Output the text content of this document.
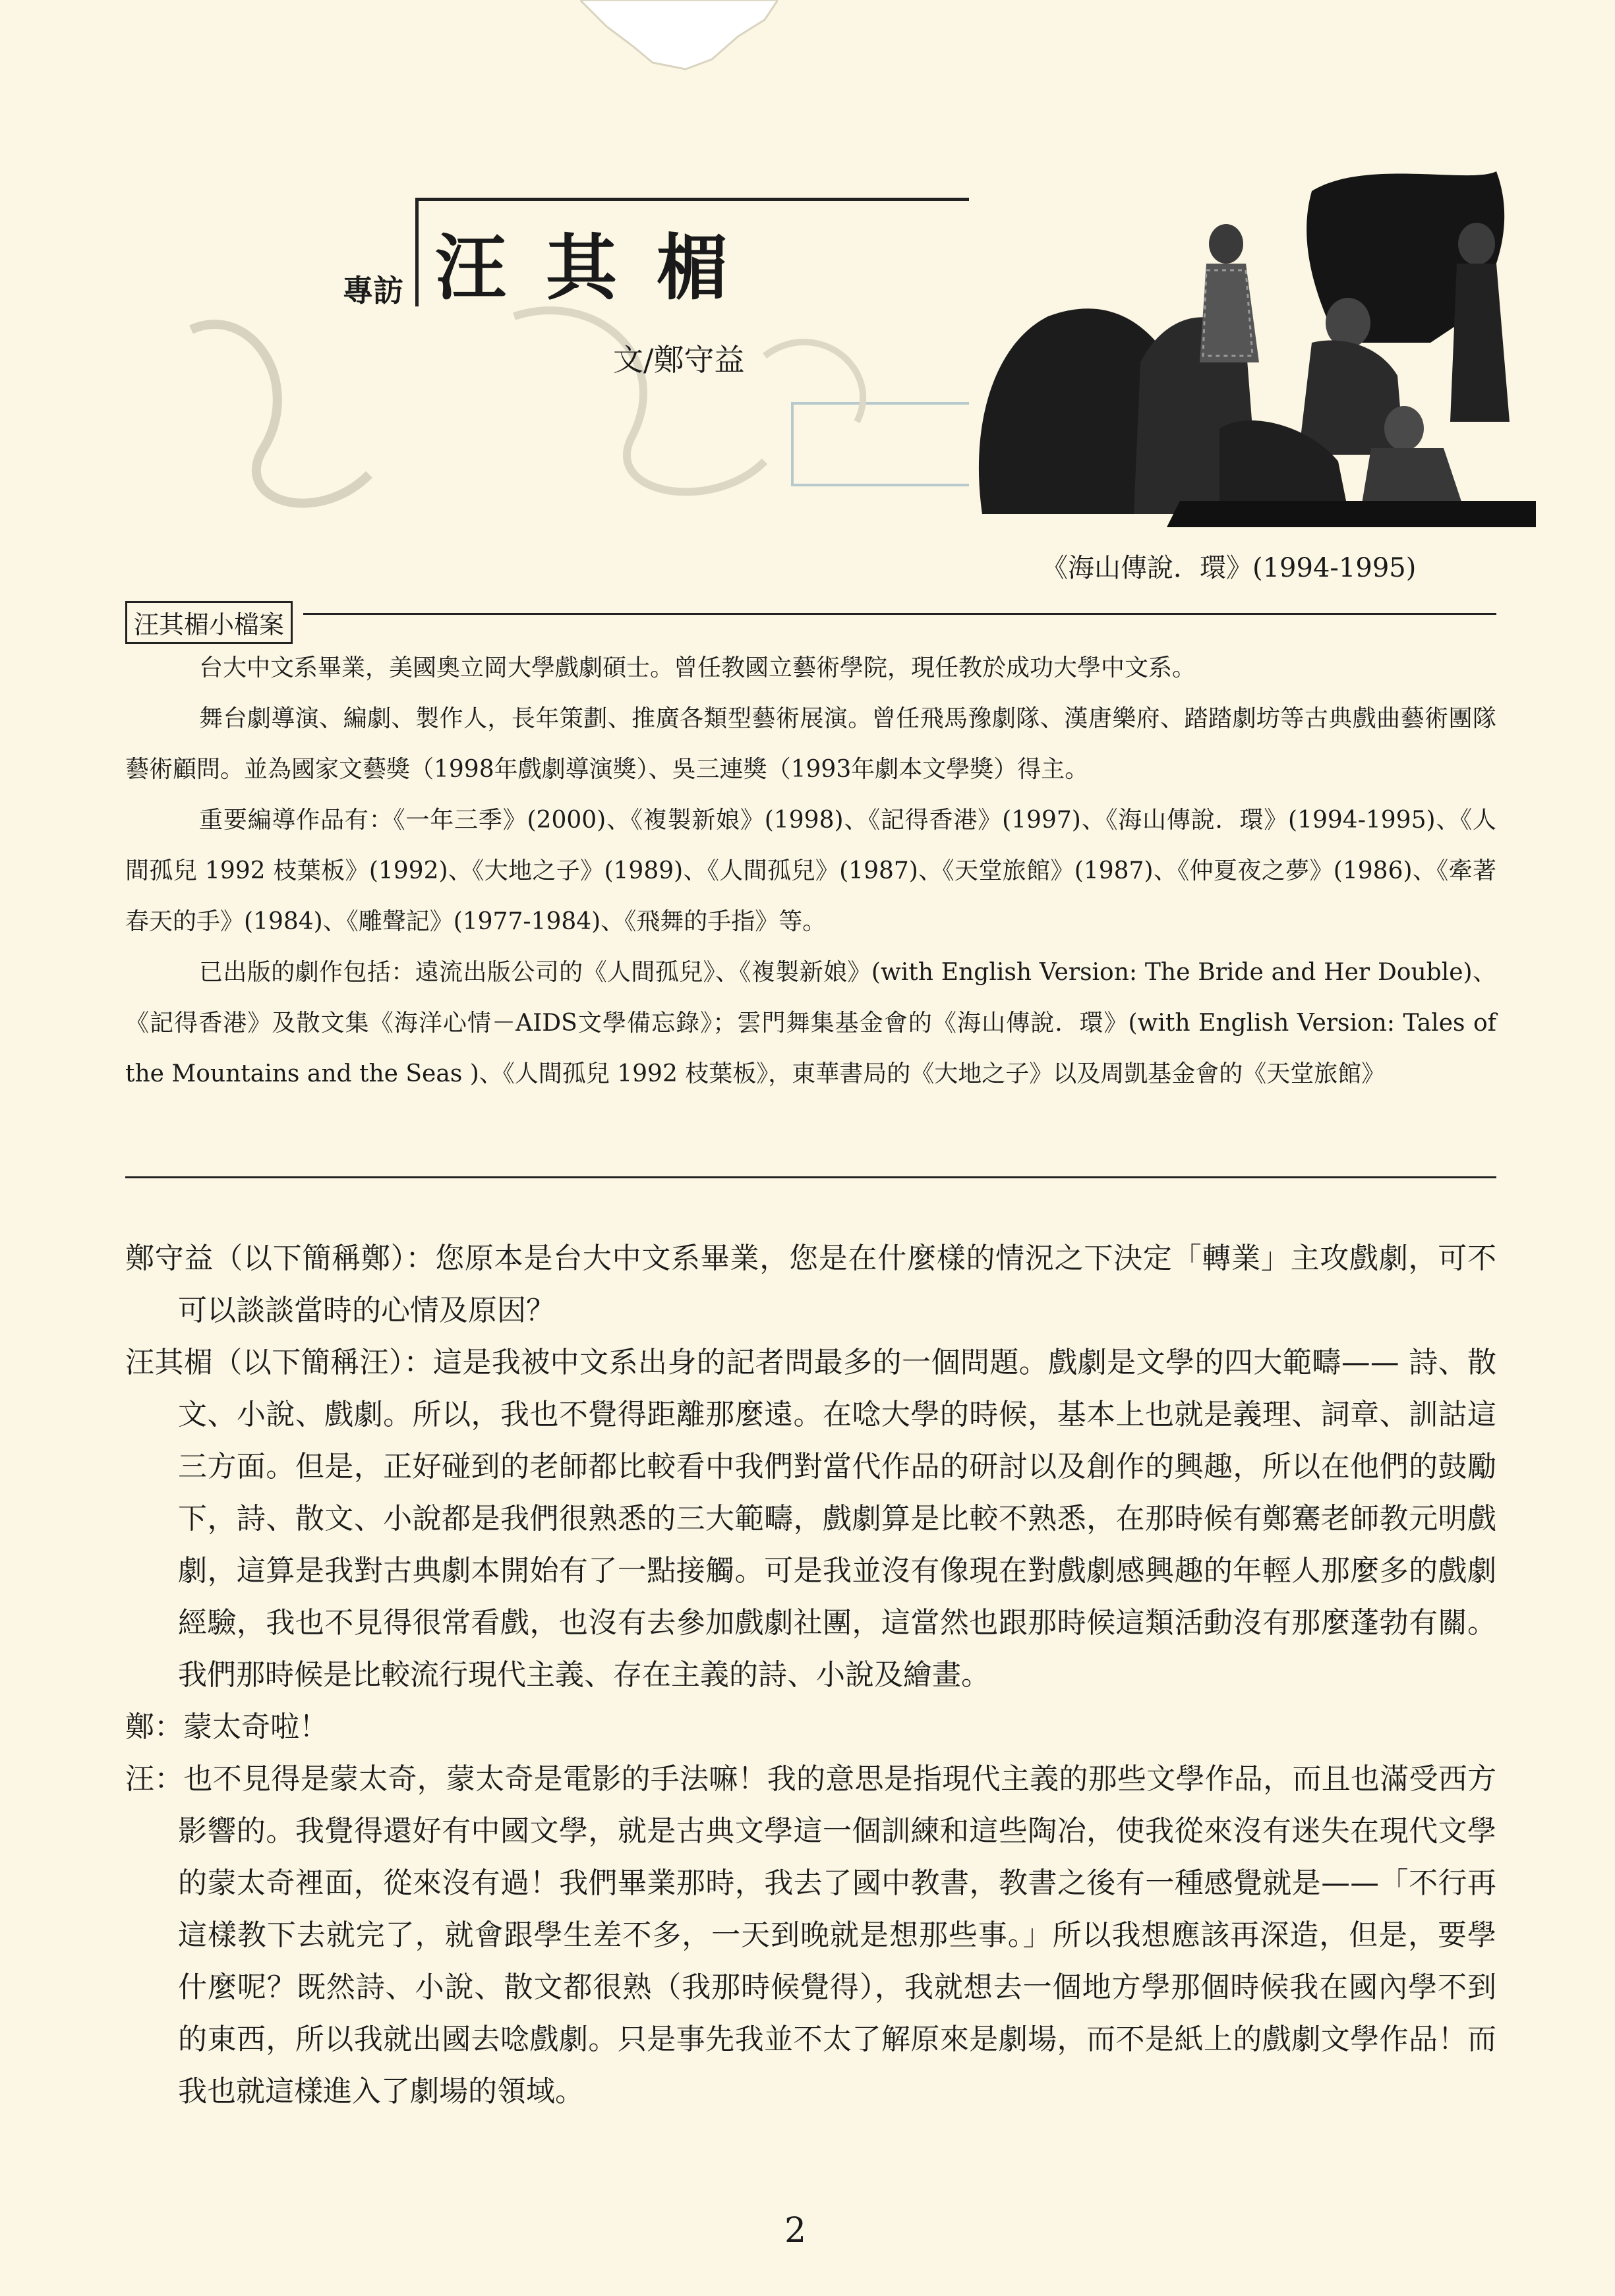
專訪 汪其楣
文/鄭守益
《海山傳說．環》(1994-1995)
汪其楣小檔案

台大中文系畢業，美國奧立岡大學戲劇碩士。曾任教國立藝術學院，現任教於成功大學中文系。

舞台劇導演、編劇、製作人，長年策劃、推廣各類型藝術展演。曾任飛馬豫劇隊、漢唐樂府、踏踏劇坊等古典戲曲藝術團隊藝術顧問。並為國家文藝獎（1998年戲劇導演獎）、吳三連獎（1993年劇本文學獎）得主。

重要編導作品有：《一年三季》(2000)、《複製新娘》(1998)、《記得香港》(1997)、《海山傳說．環》(1994-1995)、《人間孤兒 1992 枝葉板》(1992)、《大地之子》(1989)、《人間孤兒》(1987)、《天堂旅館》(1987)、《仲夏夜之夢》(1986)、《牽著春天的手》(1984)、《雕聲記》(1977-1984)、《飛舞的手指》等。

已出版的劇作包括：遠流出版公司的《人間孤兒》、《複製新娘》(with English Version: The Bride and Her Double)、《記得香港》及散文集《海洋心情－AIDS文學備忘錄》；雲門舞集基金會的《海山傳說．環》(with English Version: Tales of the Mountains and the Seas )、《人間孤兒 1992 枝葉板》，東華書局的《大地之子》以及周凱基金會的《天堂旅館》

鄭守益（以下簡稱鄭）：您原本是台大中文系畢業，您是在什麼樣的情況之下決定「轉業」主攻戲劇，可不可以談談當時的心情及原因？

汪其楣（以下簡稱汪）：這是我被中文系出身的記者問最多的一個問題。戲劇是文學的四大範疇—— 詩、散文、小說、戲劇。所以，我也不覺得距離那麼遠。在唸大學的時候，基本上也就是義理、詞章、訓詁這三方面。但是，正好碰到的老師都比較看中我們對當代作品的研討以及創作的興趣，所以在他們的鼓勵下，詩、散文、小說都是我們很熟悉的三大範疇，戲劇算是比較不熟悉，在那時候有鄭騫老師教元明戲劇，這算是我對古典劇本開始有了一點接觸。可是我並沒有像現在對戲劇感興趣的年輕人那麼多的戲劇經驗，我也不見得很常看戲，也沒有去參加戲劇社團，這當然也跟那時候這類活動沒有那麼蓬勃有關。我們那時候是比較流行現代主義、存在主義的詩、小說及繪畫。

鄭：蒙太奇啦！

汪：也不見得是蒙太奇，蒙太奇是電影的手法嘛！我的意思是指現代主義的那些文學作品，而且也滿受西方影響的。我覺得還好有中國文學，就是古典文學這一個訓練和這些陶冶，使我從來沒有迷失在現代文學的蒙太奇裡面，從來沒有過！我們畢業那時，我去了國中教書，教書之後有一種感覺就是——「不行再這樣教下去就完了，就會跟學生差不多，一天到晚就是想那些事。」所以我想應該再深造，但是，要學什麼呢？既然詩、小說、散文都很熟（我那時候覺得），我就想去一個地方學那個時候我在國內學不到的東西，所以我就出國去唸戲劇。只是事先我並不太了解原來是劇場，而不是紙上的戲劇文學作品！而我也就這樣進入了劇場的領域。

2
